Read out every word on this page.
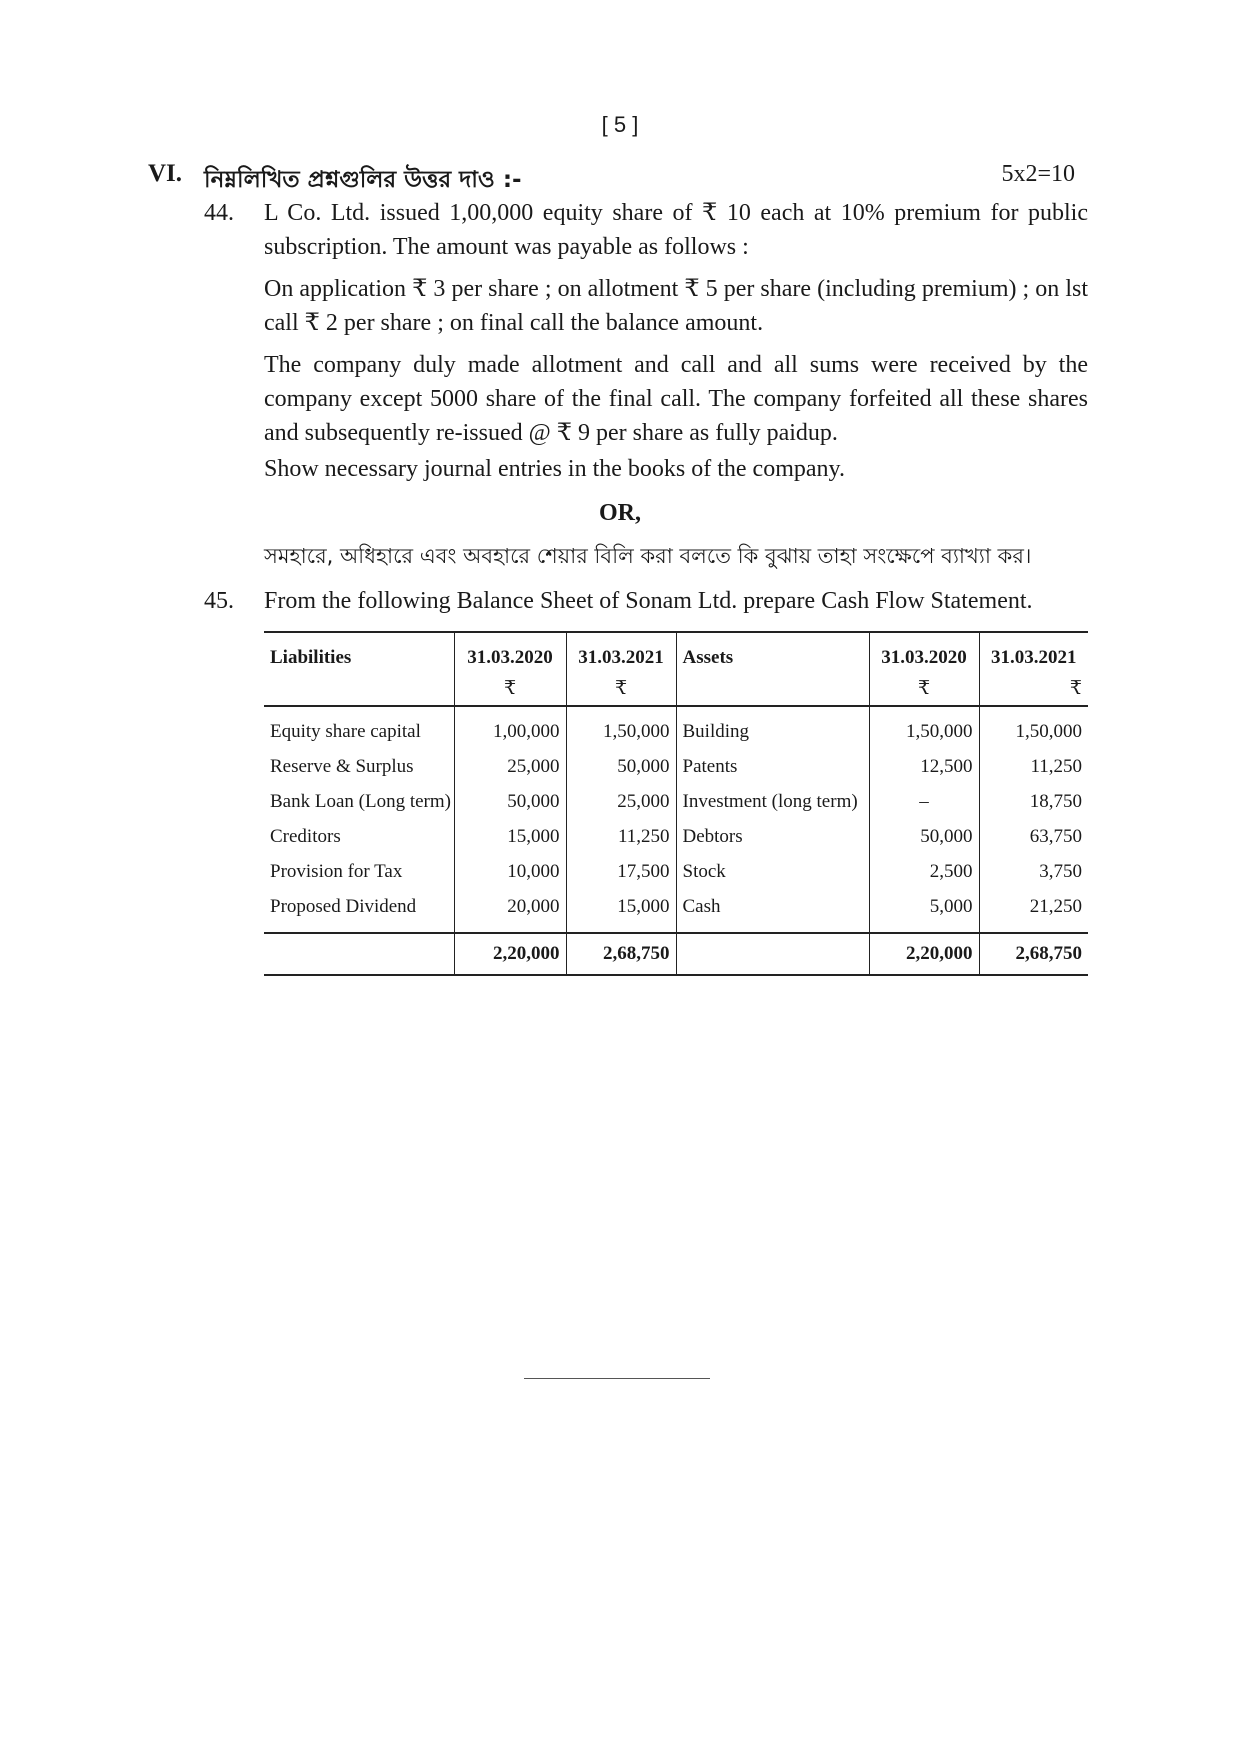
[ 5 ]
VI. নিম্নলিখিত প্রশ্নগুলির উত্তর দাও :-	5x2=10
44. L Co. Ltd. issued 1,00,000 equity share of ₹ 10 each at 10% premium for public subscription. The amount was payable as follows :

On application ₹ 3 per share ; on allotment ₹ 5 per share (including premium) ; on lst call ₹ 2 per share ; on final call the balance amount.

The company duly made allotment and call and all sums were received by the company except 5000 share of the final call. The company forfeited all these shares and subsequently re-issued @ ₹ 9 per share as fully paidup.

Show necessary journal entries in the books of the company.

OR,
সমহারে, অধিহারে এবং অবহারে শেয়ার বিলি করা বলতে কি বুঝায় তাহা সংক্ষেপে ব্যাখ্যা কর।
45. From the following Balance Sheet of Sonam Ltd. prepare Cash Flow Statement.
Liabilities	31.03.2020	31.03.2021	Assets	31.03.2020	31.03.2021
	₹	₹		₹	₹
Equity share capital	1,00,000	1,50,000	Building	1,50,000	1,50,000
Reserve & Surplus	25,000	50,000	Patents	12,500	11,250
Bank Loan (Long term)	50,000	25,000	Investment (long term)	–	18,750
Creditors	15,000	11,250	Debtors	50,000	63,750
Provision for Tax	10,000	17,500	Stock	2,500	3,750
Proposed Dividend	20,000	15,000	Cash	5,000	21,250
	2,20,000	2,68,750		2,20,000	2,68,750
